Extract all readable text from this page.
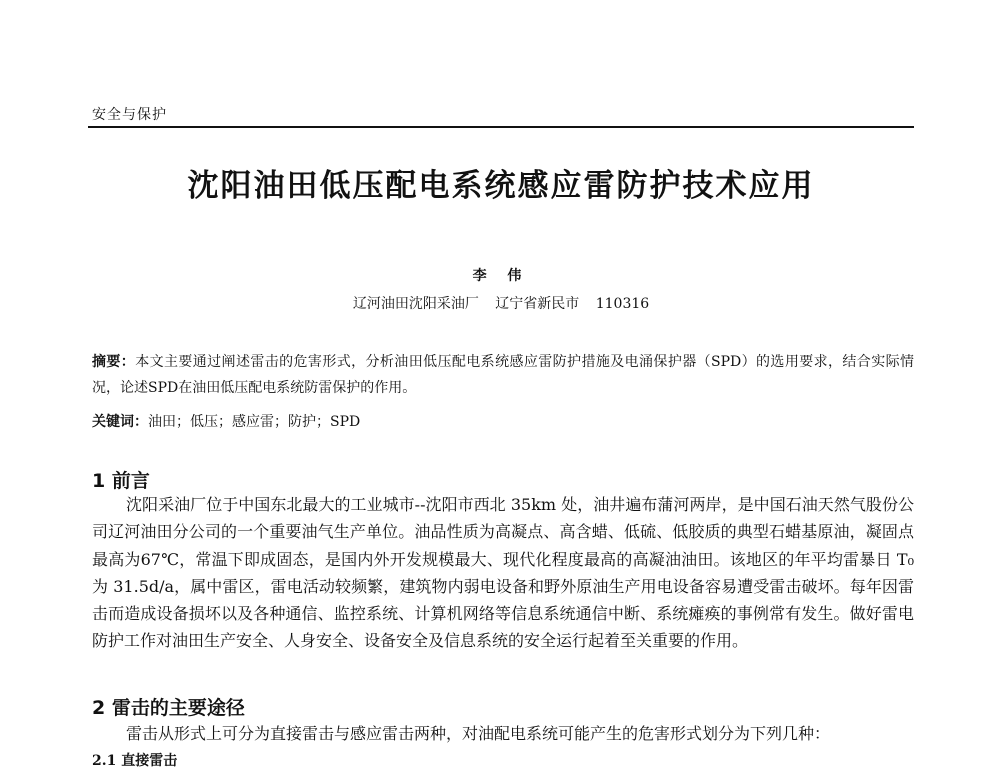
安全与保护
沈阳油田低压配电系统感应雷防护技术应用
李 伟
辽河油田沈阳采油厂 辽宁省新民市 110316
摘要：本文主要通过阐述雷击的危害形式，分析油田低压配电系统感应雷防护措施及电涌保护器（SPD）的选用要求，结合实际情况，论述SPD在油田低压配电系统防雷保护的作用。
关键词：油田；低压；感应雷；防护；SPD
1 前言
沈阳采油厂位于中国东北最大的工业城市--沈阳市西北 35km 处，油井遍布蒲河两岸，是中国石油天然气股份公司辽河油田分公司的一个重要油气生产单位。油品性质为高凝点、高含蜡、低硫、低胶质的典型石蜡基原油，凝固点最高为67℃，常温下即成固态，是国内外开发规模最大、现代化程度最高的高凝油油田。该地区的年平均雷暴日 T₀为 31.5d/a，属中雷区，雷电活动较频繁，建筑物内弱电设备和野外原油生产用电设备容易遭受雷击破坏。每年因雷击而造成设备损坏以及各种通信、监控系统、计算机网络等信息系统通信中断、系统瘫痪的事例常有发生。做好雷电防护工作对油田生产安全、人身安全、设备安全及信息系统的安全运行起着至关重要的作用。
2 雷击的主要途径
雷击从形式上可分为直接雷击与感应雷击两种，对油配电系统可能产生的危害形式划分为下列几种：
2.1 直接雷击
